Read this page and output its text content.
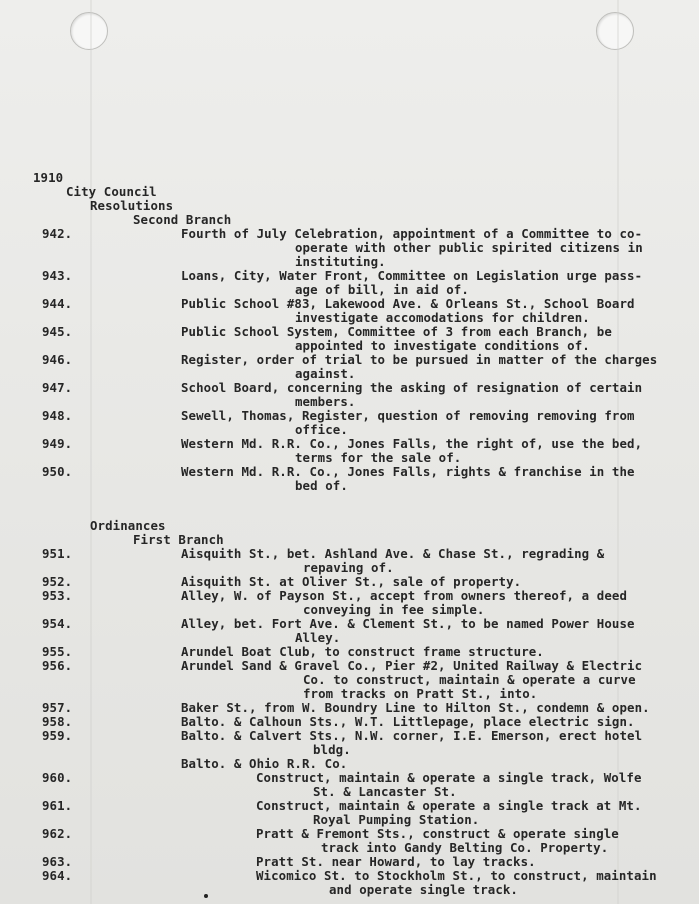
1910
City Council
Resolutions
Second Branch
942.	Fourth of July Celebration, appointment of a Committee to co-
operate with other public spirited citizens in
instituting.
943.	Loans, City, Water Front, Committee on Legislation urge pass-
age of bill, in aid of.
944.	Public School #83, Lakewood Ave. & Orleans St., School Board
investigate accomodations for children.
945.	Public School System, Committee of 3 from each Branch, be
appointed to investigate conditions of.
946.	Register, order of trial to be pursued in matter of the charges
against.
947.	School Board, concerning the asking of resignation of certain
members.
948.	Sewell, Thomas, Register, question of removing removing from
office.
949.	Western Md. R.R. Co., Jones Falls, the right of, use the bed,
terms for the sale of.
950.	Western Md. R.R. Co., Jones Falls, rights & franchise in the
bed of.
Ordinances
First Branch
951.	Aisquith St., bet. Ashland Ave. & Chase St., regrading &
repaving of.
952.	Aisquith St. at Oliver St., sale of property.
953.	Alley, W. of Payson St., accept from owners thereof, a deed
conveying in fee simple.
954.	Alley, bet. Fort Ave. & Clement St., to be named Power House
Alley.
955.	Arundel Boat Club, to construct frame structure.
956.	Arundel Sand & Gravel Co., Pier #2, United Railway & Electric
Co. to construct, maintain & operate a curve
from tracks on Pratt St., into.
957.	Baker St., from W. Boundry Line to Hilton St., condemn & open.
958.	Balto. & Calhoun Sts., W.T. Littlepage, place electric sign.
959.	Balto. & Calvert Sts., N.W. corner, I.E. Emerson, erect hotel
bldg.
Balto. & Ohio R.R. Co.
960.	Construct, maintain & operate a single track, Wolfe
St. & Lancaster St.
961.	Construct, maintain & operate a single track at Mt.
Royal Pumping Station.
962.	Pratt & Fremont Sts., construct & operate single
track into Gandy Belting Co. Property.
963.	Pratt St. near Howard, to lay tracks.
964.	Wicomico St. to Stockholm St., to construct, maintain
and operate single track.
